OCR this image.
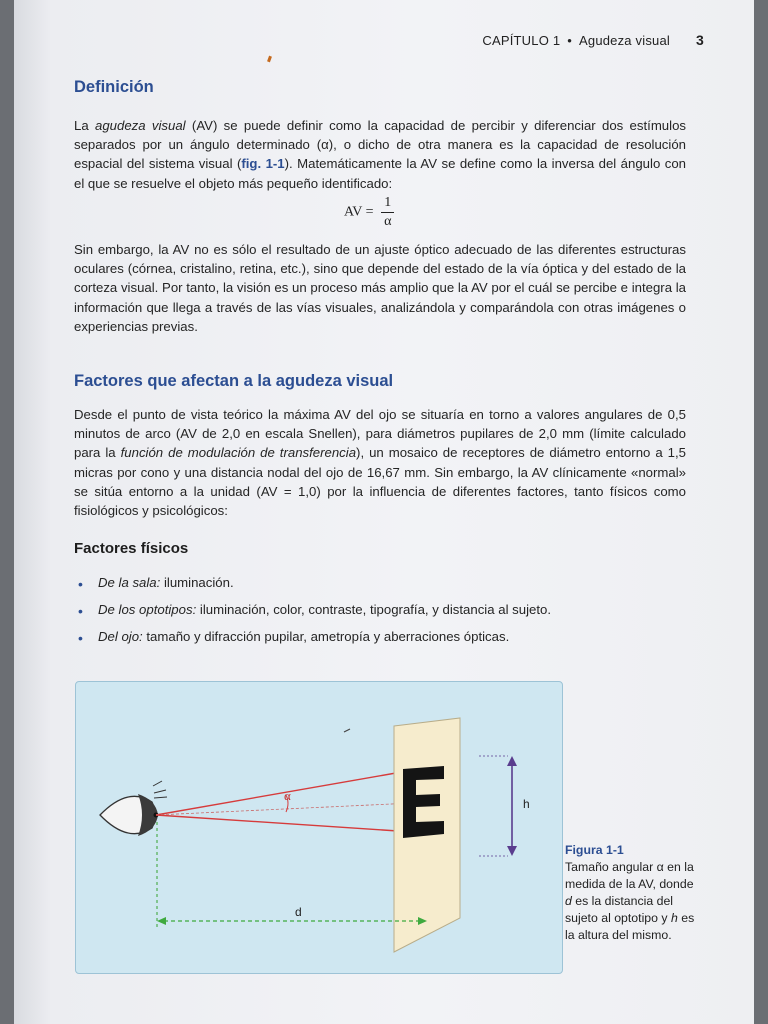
CAPÍTULO 1 • Agudeza visual 3
Definición

La agudeza visual (AV) se puede definir como la capacidad de percibir y diferenciar dos estímulos separados por un ángulo determinado (α), o dicho de otra manera es la capacidad de resolución espacial del sistema visual (fig. 1-1). Matemáticamente la AV se define como la inversa del ángulo con el que se resuelve el objeto más pequeño identificado:

AV = $\frac{1}{\alpha}$

Sin embargo, la AV no es sólo el resultado de un ajuste óptico adecuado de las diferentes estructuras oculares (córnea, cristalino, retina, etc.), sino que depende del estado de la vía óptica y del estado de la corteza visual. Por tanto, la visión es un proceso más amplio que la AV por el cuál se percibe e integra la información que llega a través de las vías visuales, analizándola y comparándola con otras imágenes o experiencias previas.

Factores que afectan a la agudeza visual

Desde el punto de vista teórico la máxima AV del ojo se situaría en torno a valores angulares de 0,5 minutos de arco (AV de 2,0 en escala Snellen), para diámetros pupilares de 2,0 mm (límite calculado para la función de modulación de transferencia), un mosaico de receptores de diámetro entorno a 1,5 micras por cono y una distancia nodal del ojo de 16,67 mm. Sin embargo, la AV clínicamente «normal» se sitúa entorno a la unidad (AV = 1,0) por la influencia de diferentes factores, tanto físicos como fisiológicos y psicológicos:

Factores físicos
• De la sala: iluminación.
• De los optotipos: iluminación, color, contraste, tipografía, y distancia al sujeto.
• Del ojo: tamaño y difracción pupilar, ametropía y aberraciones ópticas.
α	E
h
d
Figura 1-1
Tamaño angular α en la medida de la AV, donde d es la distancia del sujeto al optotipo y h es la altura del mismo.
